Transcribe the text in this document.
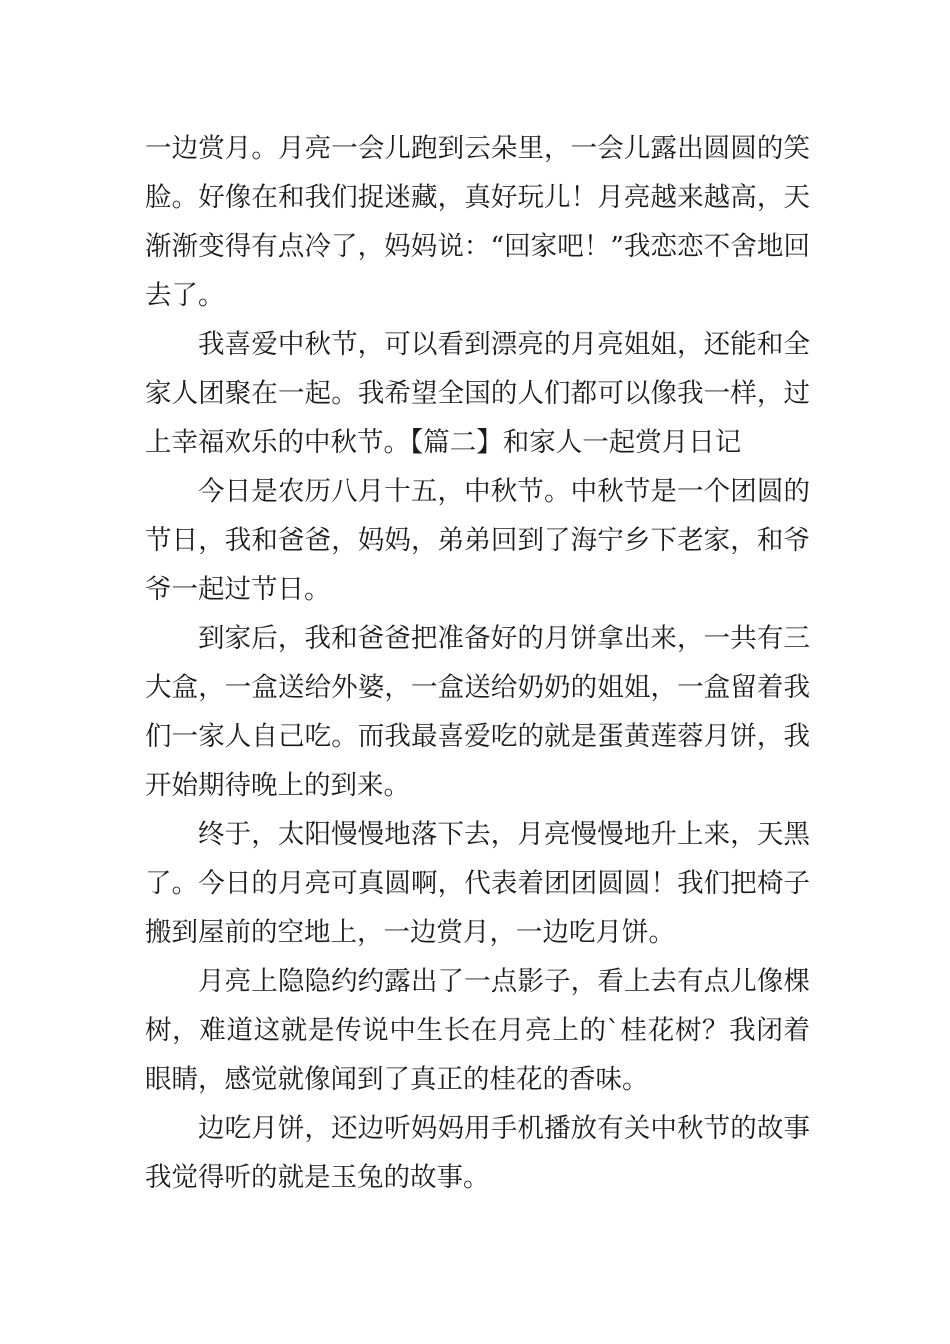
一边赏月。月亮一会儿跑到云朵里，一会儿露出圆圆的笑脸。好像在和我们捉迷藏，真好玩儿！月亮越来越高，天渐渐变得有点冷了，妈妈说：“回家吧！”我恋恋不舍地回去了。

我喜爱中秋节，可以看到漂亮的月亮姐姐，还能和全家人团聚在一起。我希望全国的人们都可以像我一样，过上幸福欢乐的中秋节。【篇二】和家人一起赏月日记

今日是农历八月十五，中秋节。中秋节是一个团圆的节日，我和爸爸，妈妈，弟弟回到了海宁乡下老家，和爷爷一起过节日。

到家后，我和爸爸把准备好的月饼拿出来，一共有三大盒，一盒送给外婆，一盒送给奶奶的姐姐，一盒留着我们一家人自己吃。而我最喜爱吃的就是蛋黄莲蓉月饼，我开始期待晚上的到来。

终于，太阳慢慢地落下去，月亮慢慢地升上来，天黑了。今日的月亮可真圆啊，代表着团团圆圆！我们把椅子搬到屋前的空地上，一边赏月，一边吃月饼。

月亮上隐隐约约露出了一点影子，看上去有点儿像棵树，难道这就是传说中生长在月亮上的`桂花树？我闭着眼睛，感觉就像闻到了真正的桂花的香味。

边吃月饼，还边听妈妈用手机播放有关中秋节的故事我觉得听的就是玉兔的故事。
